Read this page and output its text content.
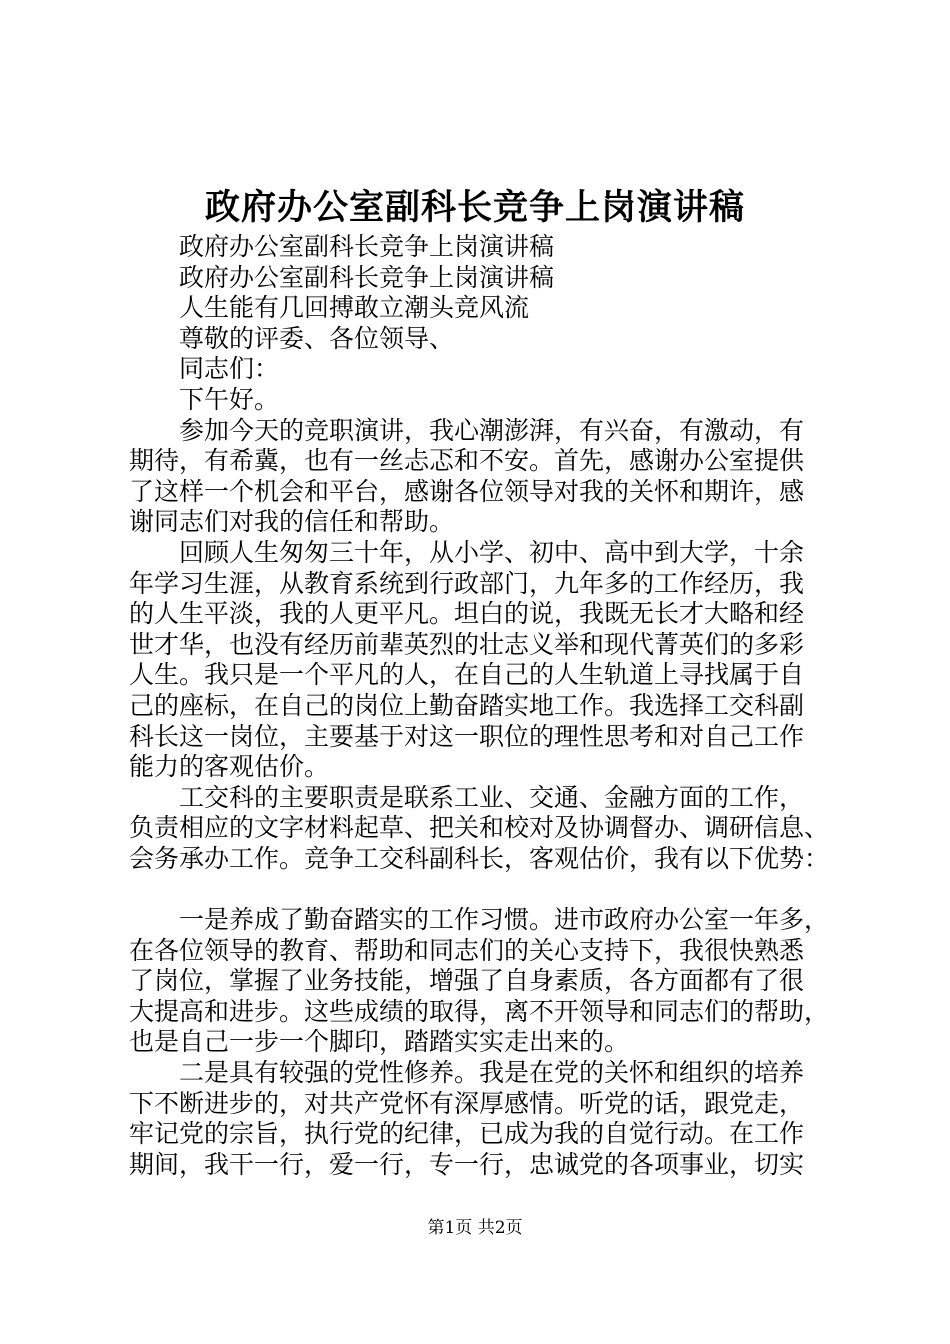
政府办公室副科长竞争上岗演讲稿
政府办公室副科长竞争上岗演讲稿
政府办公室副科长竞争上岗演讲稿
人生能有几回搏敢立潮头竞风流
尊敬的评委、各位领导、
同志们：
下午好。
参加今天的竞职演讲，我心潮澎湃，有兴奋，有激动，有
期待，有希冀，也有一丝忐忑和不安。首先，感谢办公室提供
了这样一个机会和平台，感谢各位领导对我的关怀和期许，感
谢同志们对我的信任和帮助。
回顾人生匆匆三十年，从小学、初中、高中到大学，十余
年学习生涯，从教育系统到行政部门，九年多的工作经历，我
的人生平淡，我的人更平凡。坦白的说，我既无长才大略和经
世才华，也没有经历前辈英烈的壮志义举和现代菁英们的多彩
人生。我只是一个平凡的人，在自己的人生轨道上寻找属于自
己的座标，在自己的岗位上勤奋踏实地工作。我选择工交科副
科长这一岗位，主要基于对这一职位的理性思考和对自己工作
能力的客观估价。
工交科的主要职责是联系工业、交通、金融方面的工作，
负责相应的文字材料起草、把关和校对及协调督办、调研信息、
会务承办工作。竞争工交科副科长，客观估价，我有以下优势：
一是养成了勤奋踏实的工作习惯。进市政府办公室一年多，
在各位领导的教育、帮助和同志们的关心支持下，我很快熟悉
了岗位，掌握了业务技能，增强了自身素质，各方面都有了很
大提高和进步。这些成绩的取得，离不开领导和同志们的帮助，
也是自己一步一个脚印，踏踏实实走出来的。
二是具有较强的党性修养。我是在党的关怀和组织的培养
下不断进步的，对共产党怀有深厚感情。听党的话，跟党走，
牢记党的宗旨，执行党的纪律，已成为我的自觉行动。在工作
期间，我干一行，爱一行，专一行，忠诚党的各项事业，切实
第1页 共2页
